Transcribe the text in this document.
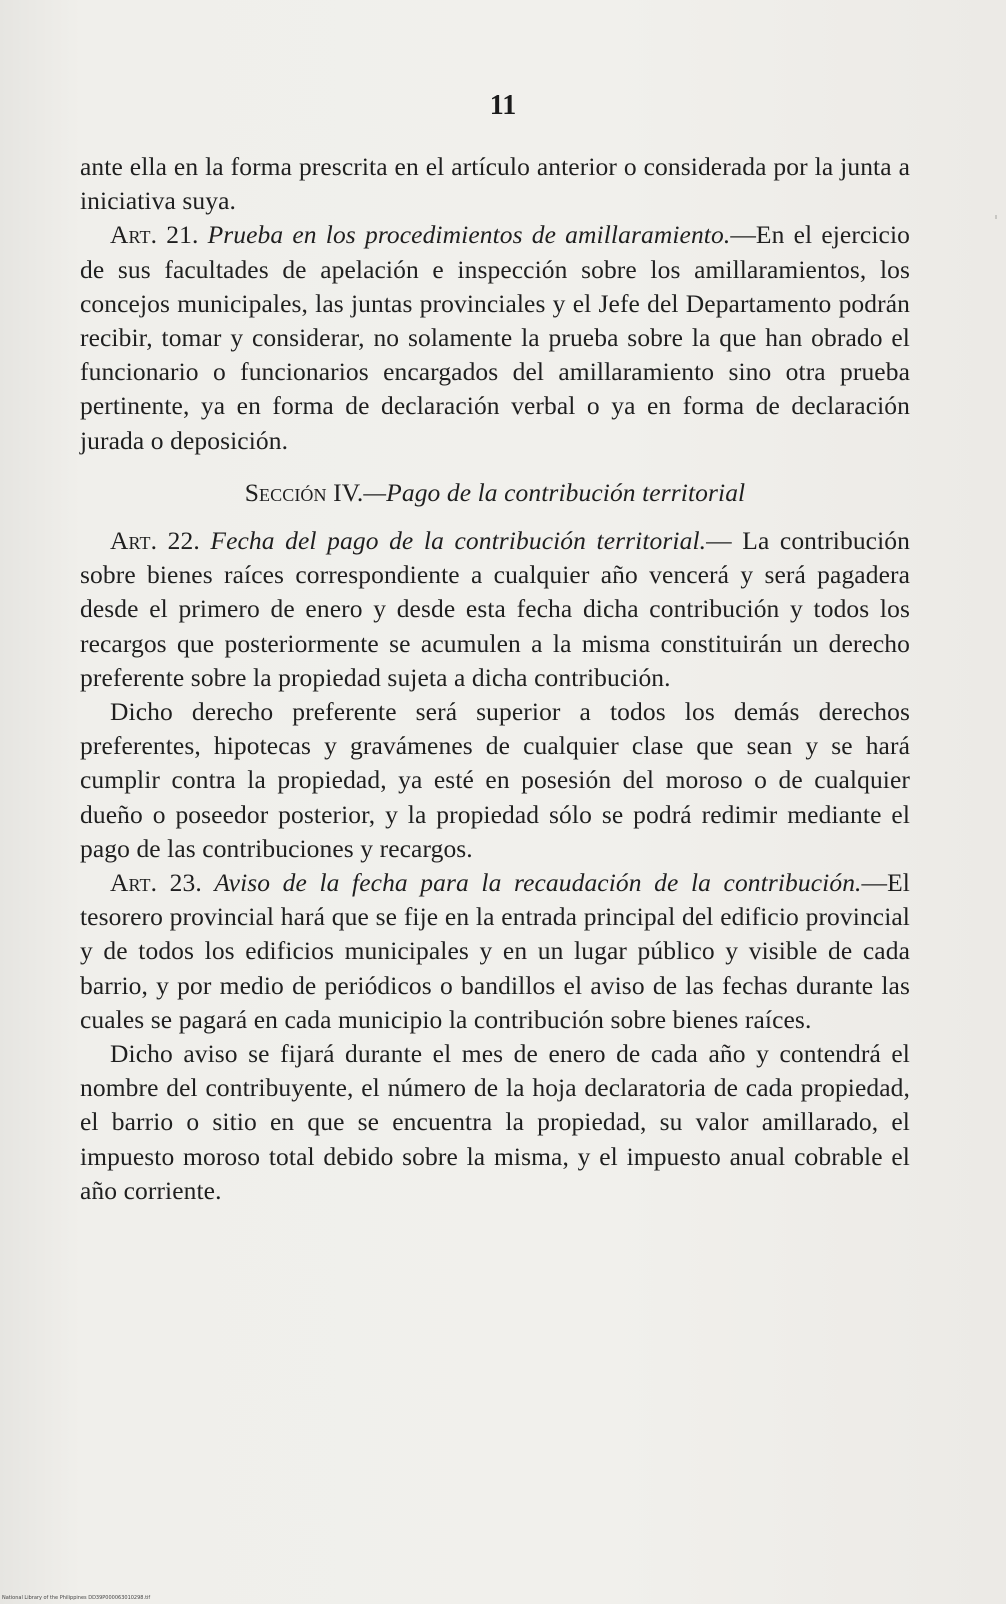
11

ante ella en la forma prescrita en el artículo anterior o considerada por la junta a iniciativa suya.

Art. 21. Prueba en los procedimientos de amillaramiento.—En el ejercicio de sus facultades de apelación e inspección sobre los amillaramientos, los concejos municipales, las juntas provinciales y el Jefe del Departamento podrán recibir, tomar y considerar, no solamente la prueba sobre la que han obrado el funcionario o funcionarios encargados del amillaramiento sino otra prueba pertinente, ya en forma de declaración verbal o ya en forma de declaración jurada o deposición.

Sección IV.—Pago de la contribución territorial

Art. 22. Fecha del pago de la contribución territorial.— La contribución sobre bienes raíces correspondiente a cualquier año vencerá y será pagadera desde el primero de enero y desde esta fecha dicha contribución y todos los recargos que posteriormente se acumulen a la misma constituirán un derecho preferente sobre la propiedad sujeta a dicha contribución.

Dicho derecho preferente será superior a todos los demás derechos preferentes, hipotecas y gravámenes de cualquier clase que sean y se hará cumplir contra la propiedad, ya esté en posesión del moroso o de cualquier dueño o poseedor posterior, y la propiedad sólo se podrá redimir mediante el pago de las contribuciones y recargos.

Art. 23. Aviso de la fecha para la recaudación de la contribución.—El tesorero provincial hará que se fije en la entrada principal del edificio provincial y de todos los edificios municipales y en un lugar público y visible de cada barrio, y por medio de periódicos o bandillos el aviso de las fechas durante las cuales se pagará en cada municipio la contribución sobre bienes raíces.

Dicho aviso se fijará durante el mes de enero de cada año y contendrá el nombre del contribuyente, el número de la hoja declaratoria de cada propiedad, el barrio o sitio en que se encuentra la propiedad, su valor amillarado, el impuesto moroso total debido sobre la misma, y el impuesto anual cobrable el año corriente.

National Library of the Philippines DD39P000063010298.tif
